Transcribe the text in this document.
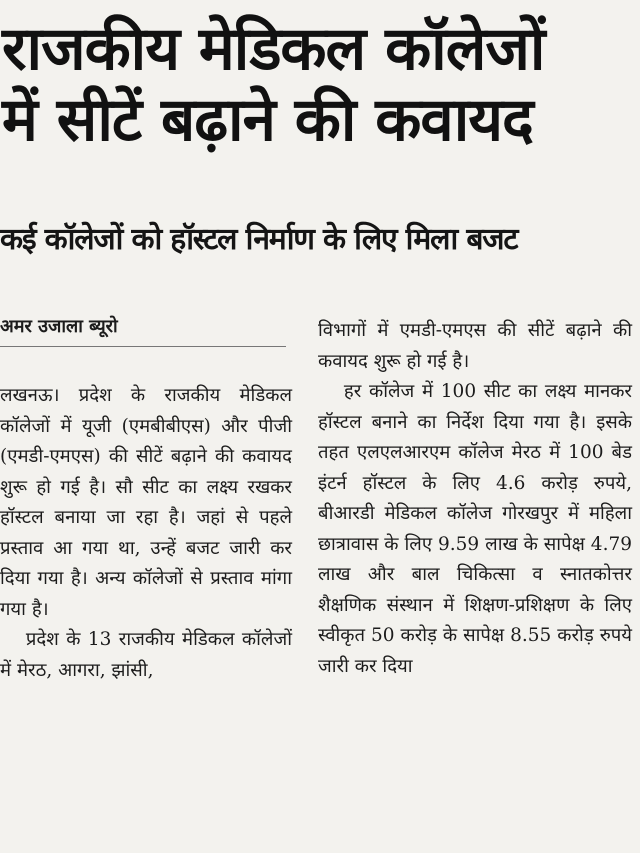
राजकीय मेडिकल कॉलेजों
में सीटें बढ़ाने की कवायद
कई कॉलेजों को हॉस्टल निर्माण के लिए मिला बजट
अमर उजाला ब्यूरो

लखनऊ। प्रदेश के राजकीय मेडिकल कॉलेजों में यूजी (एमबीबीएस) और पीजी (एमडी-एमएस) की सीटें बढ़ाने की कवायद शुरू हो गई है। सौ सीट का लक्ष्य रखकर हॉस्टल बनाया जा रहा है। जहां से पहले प्रस्ताव आ गया था, उन्हें बजट जारी कर दिया गया है। अन्य कॉलेजों से प्रस्ताव मांगा गया है।

प्रदेश के 13 राजकीय मेडिकल कॉलेजों में मेरठ, आगरा, झांसी,

विभागों में एमडी-एमएस की सीटें बढ़ाने की कवायद शुरू हो गई है।

हर कॉलेज में 100 सीट का लक्ष्य मानकर हॉस्टल बनाने का निर्देश दिया गया है। इसके तहत एलएलआरएम कॉलेज मेरठ में 100 बेड इंटर्न हॉस्टल के लिए 4.6 करोड़ रुपये, बीआरडी मेडिकल कॉलेज गोरखपुर में महिला छात्रावास के लिए 9.59 लाख के सापेक्ष 4.79 लाख और बाल चिकित्सा व स्नातकोत्तर शैक्षणिक संस्थान में शिक्षण-प्रशिक्षण के लिए स्वीकृत 50 करोड़ के सापेक्ष 8.55 करोड़ रुपये जारी कर दिया
